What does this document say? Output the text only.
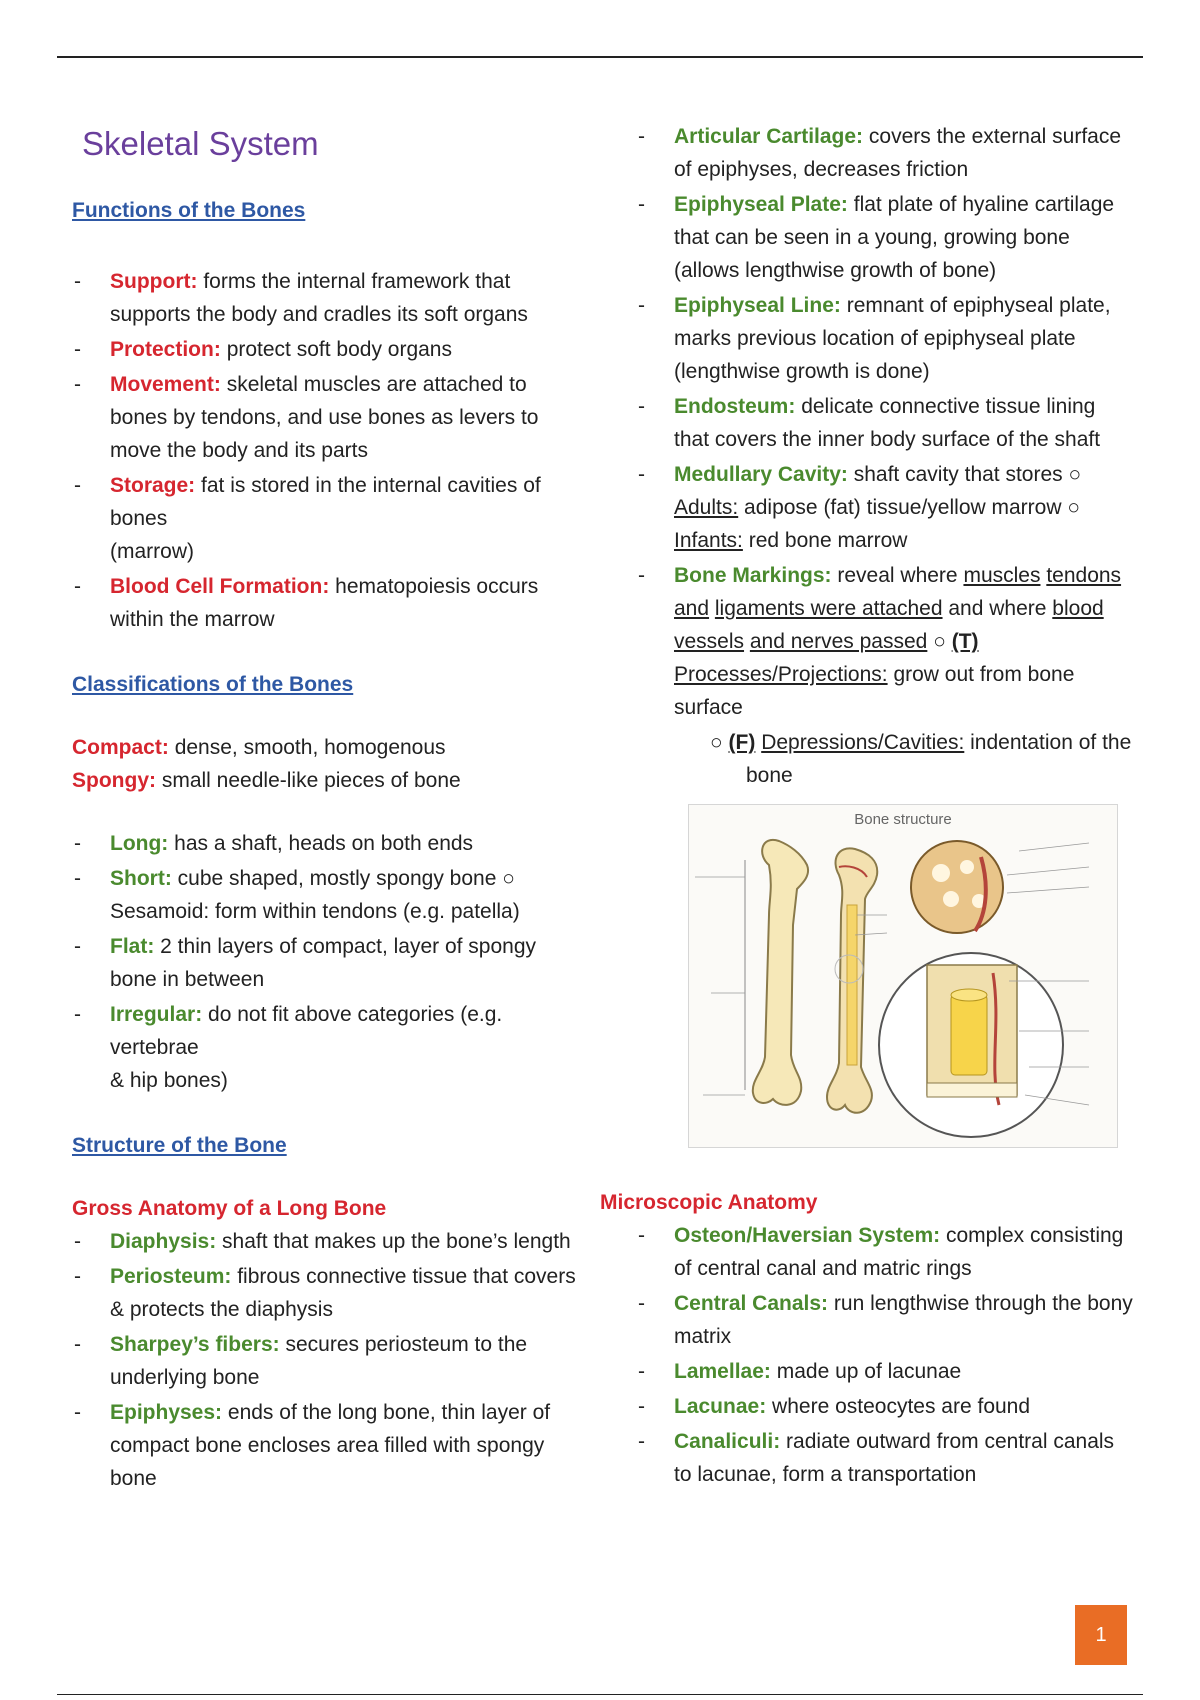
Skeletal System
Functions of the Bones
- Support: forms the internal framework that supports the body and cradles its soft organs
- Protection: protect soft body organs
- Movement: skeletal muscles are attached to bones by tendons, and use bones as levers to move the body and its parts
- Storage: fat is stored in the internal cavities of bones
(marrow)
- Blood Cell Formation: hematopoiesis occurs within the marrow
Classifications of the Bones

Compact: dense, smooth, homogenous

Spongy: small needle-like pieces of bone

- Long: has a shaft, heads on both ends
- Short: cube shaped, mostly spongy bone ○ Sesamoid: form within tendons (e.g. patella)
- Flat: 2 thin layers of compact, layer of spongy bone in between
- Irregular: do not fit above categories (e.g. vertebrae
& hip bones)
Structure of the Bone
Gross Anatomy of a Long Bone
- Diaphysis: shaft that makes up the bone’s length
- Periosteum: fibrous connective tissue that covers & protects the diaphysis
- Sharpey’s fibers: secures periosteum to the underlying bone
- Epiphyses: ends of the long bone, thin layer of compact bone encloses area filled with spongy bone
- Articular Cartilage: covers the external surface of epiphyses, decreases friction
- Epiphyseal Plate: flat plate of hyaline cartilage that can be seen in a young, growing bone (allows lengthwise growth of bone)
- Epiphyseal Line: remnant of epiphyseal plate, marks previous location of epiphyseal plate (lengthwise growth is done)
- Endosteum: delicate connective tissue lining that covers the inner body surface of the shaft
- Medullary Cavity: shaft cavity that stores ○
Adults: adipose (fat) tissue/yellow marrow ○
Infants: red bone marrow
- Bone Markings: reveal where muscles tendons and ligaments were attached and where blood vessels and nerves passed ○ (T) Processes/Projections: grow out from bone surface
○ (F) Depressions/Cavities: indentation of the
bone
Bone structure
Microscopic Anatomy
- Osteon/Haversian System: complex consisting of central canal and matric rings
- Central Canals: run lengthwise through the bony matrix
- Lamellae: made up of lacunae
- Lacunae: where osteocytes are found
- Canaliculi: radiate outward from central canals to lacunae, form a transportation
1
